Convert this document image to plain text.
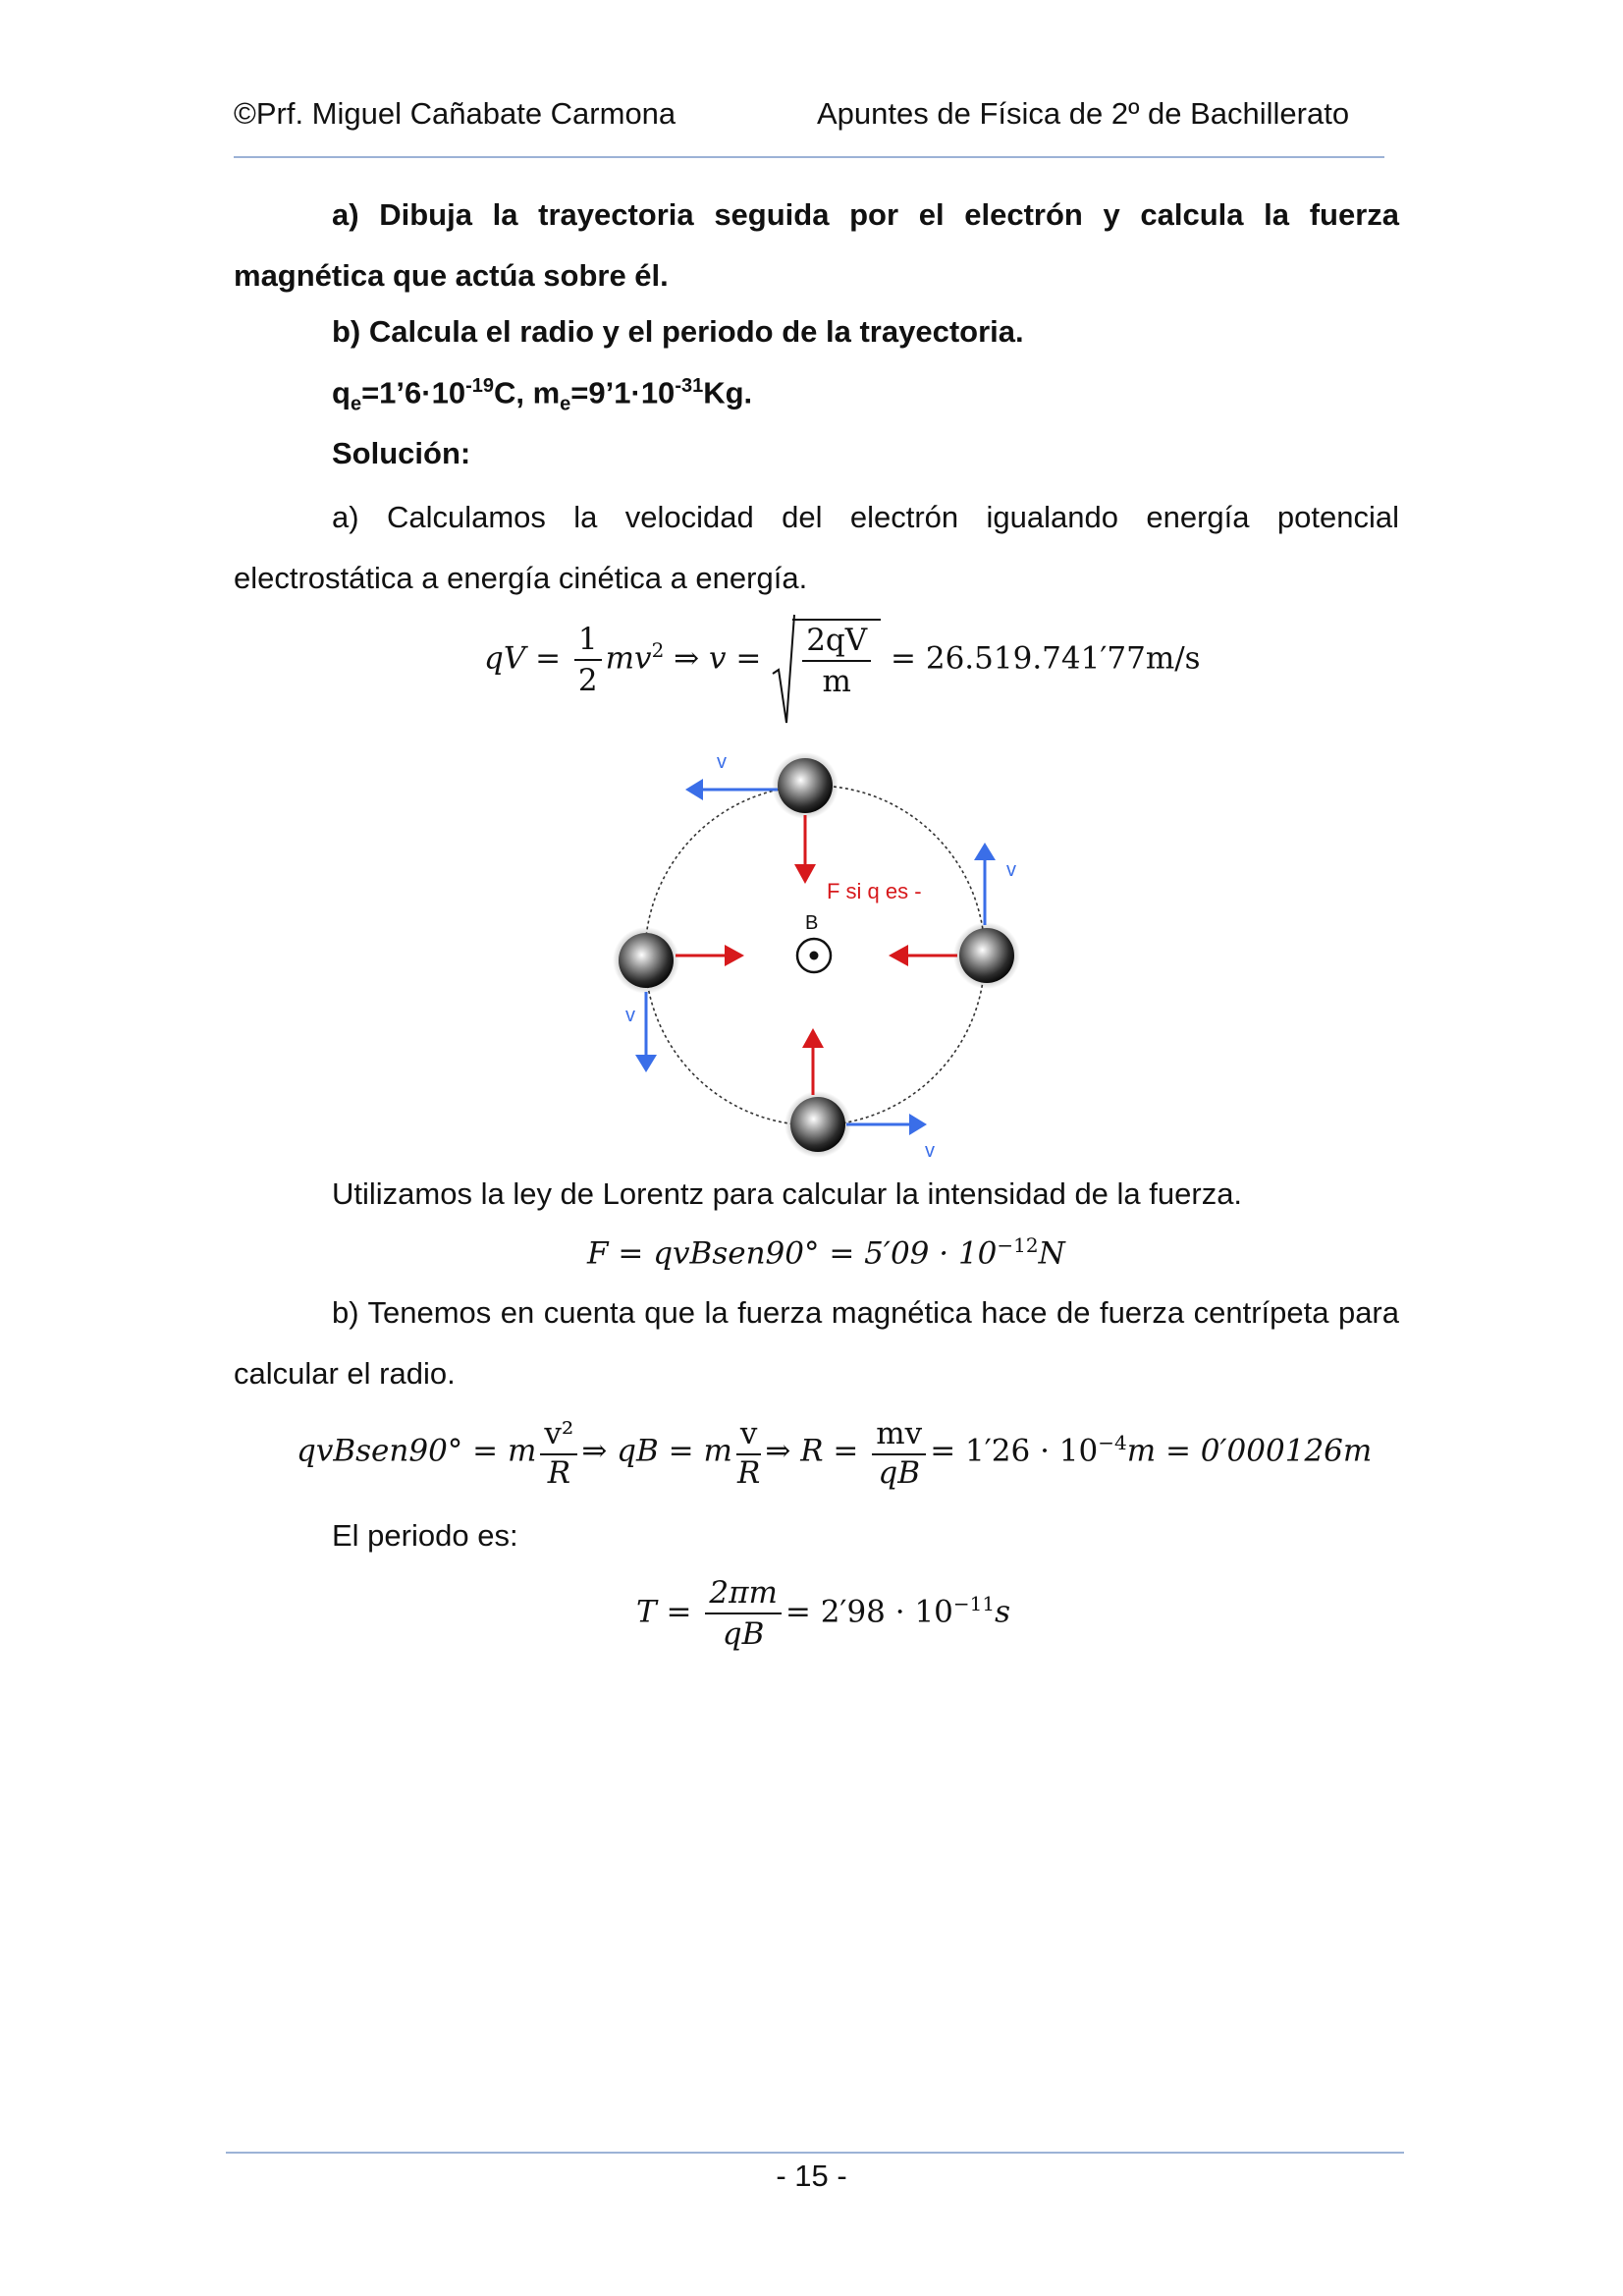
©Prf. Miguel Cañabate Carmona	Apuntes de Física de 2º de Bachillerato
a) Dibuja la trayectoria seguida por el electrón y calcula la fuerza magnética que actúa sobre él.
b) Calcula el radio y el periodo de la trayectoria.
$q_e=1’6\cdot 10^{-19}C$, $m_e=9’1\cdot 10^{-31}Kg$.
Solución:
a) Calculamos la velocidad del electrón igualando energía potencial electrostática a energía cinética a energía.
qV = $\frac{1}{2} mv^2$ ⇒ $v = \frac{2qV}{m} = 26.519.741'77m/s$
v
v
v
v
F si q es -
B
Utilizamos la ley de Lorentz para calcular la intensidad de la fuerza.
F = qvBsen90° = $5'09 \cdot 10^{-12}N$
b) Tenemos en cuenta que la fuerza magnética hace de fuerza centrípeta para calcular el radio.
qvBsen90° = m $\frac{\text{v²}}{R}$ ⇒ qB = m $\frac{v}{R}$ ⇒ $R = \frac{mv}{qB} = 1'26 \cdot 10^{-4}m = 0'000126m$
El periodo es:
$T = \frac{2\pi m}{qB} = 2'98 \cdot 10^{-11}s$
- 15 -
